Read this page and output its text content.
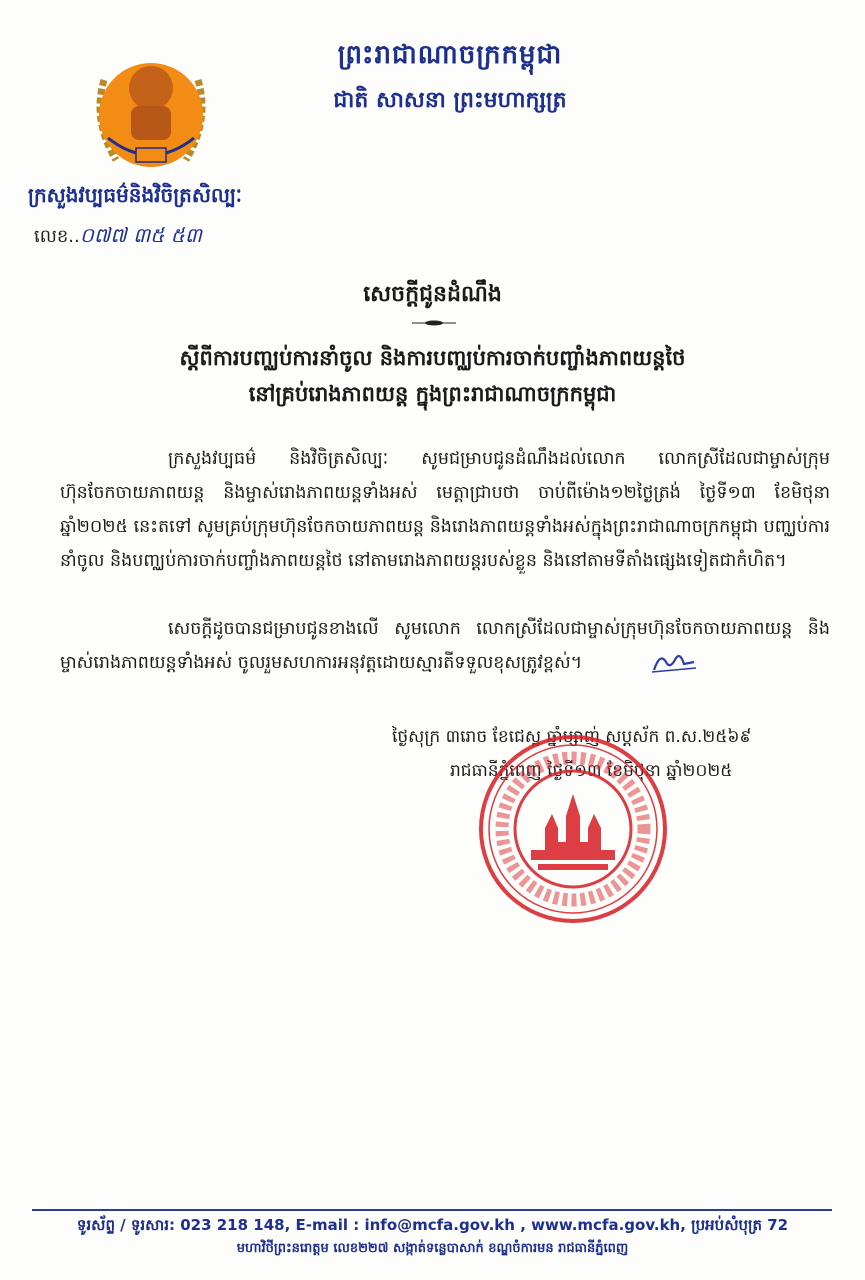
ព្រះរាជាណាចក្រកម្ពុជា
ជាតិ សាសនា ព្រះមហាក្សត្រ
ក្រសួងវប្បធម៌និងវិចិត្រសិល្បៈ
លេខ..០៧៧ ៣៥ ៥៣
សេចក្តីជូនដំណឹង
ស្តីពីការបញ្ឈប់ការនាំចូល និងការបញ្ឈប់ការចាក់បញ្ចាំងភាពយន្តថៃ
នៅគ្រប់រោងភាពយន្ត ក្នុងព្រះរាជាណាចក្រកម្ពុជា
ក្រសួងវប្បធម៌ និងវិចិត្រសិល្បៈ សូមជម្រាបជូនដំណឹងដល់លោក លោកស្រីដែលជាម្ចាស់ក្រុមហ៊ុនចែកចាយភាពយន្ត និងម្ចាស់រោងភាពយន្តទាំងអស់ មេត្តាជ្រាបថា ចាប់ពីម៉ោង១២ថ្ងៃត្រង់ ថ្ងៃទី១៣ ខែមិថុនា ឆ្នាំ២០២៥ នេះតទៅ សូមគ្រប់ក្រុមហ៊ុនចែកចាយភាពយន្ត និងរោងភាពយន្តទាំងអស់ក្នុងព្រះរាជាណាចក្រកម្ពុជា បញ្ឈប់ការនាំចូល និងបញ្ឈប់ការចាក់បញ្ចាំងភាពយន្តថៃ នៅតាមរោងភាពយន្តរបស់ខ្លួន និងនៅតាមទីតាំងផ្សេងទៀតជាកំហិត។
សេចក្តីដូចបានជម្រាបជូនខាងលើ សូមលោក លោកស្រីដែលជាម្ចាស់ក្រុមហ៊ុនចែកចាយភាពយន្ត និងម្ចាស់រោងភាពយន្តទាំងអស់ ចូលរួមសហការអនុវត្តដោយស្មារតីទទួលខុសត្រូវខ្ពស់។
ថ្ងៃសុក្រ ៣រោច ខែជេស្ឋ ឆ្នាំម្សាញ់ សប្តស័ក ព.ស.២៥៦៩
រាជធានីភ្នំពេញ ថ្ងៃទី១៣ ខែមិថុនា ឆ្នាំ២០២៥
ទូរស័ព្ទ / ទូរសារ: 023 218 148, E-mail : info@mcfa.gov.kh , www.mcfa.gov.kh, ប្រអប់សំបុត្រ 72
មហាវិថីព្រះនរោត្តម លេខ២២៧ សង្កាត់ទន្លេបាសាក់ ខណ្ឌចំការមន រាជធានីភ្នំពេញ
